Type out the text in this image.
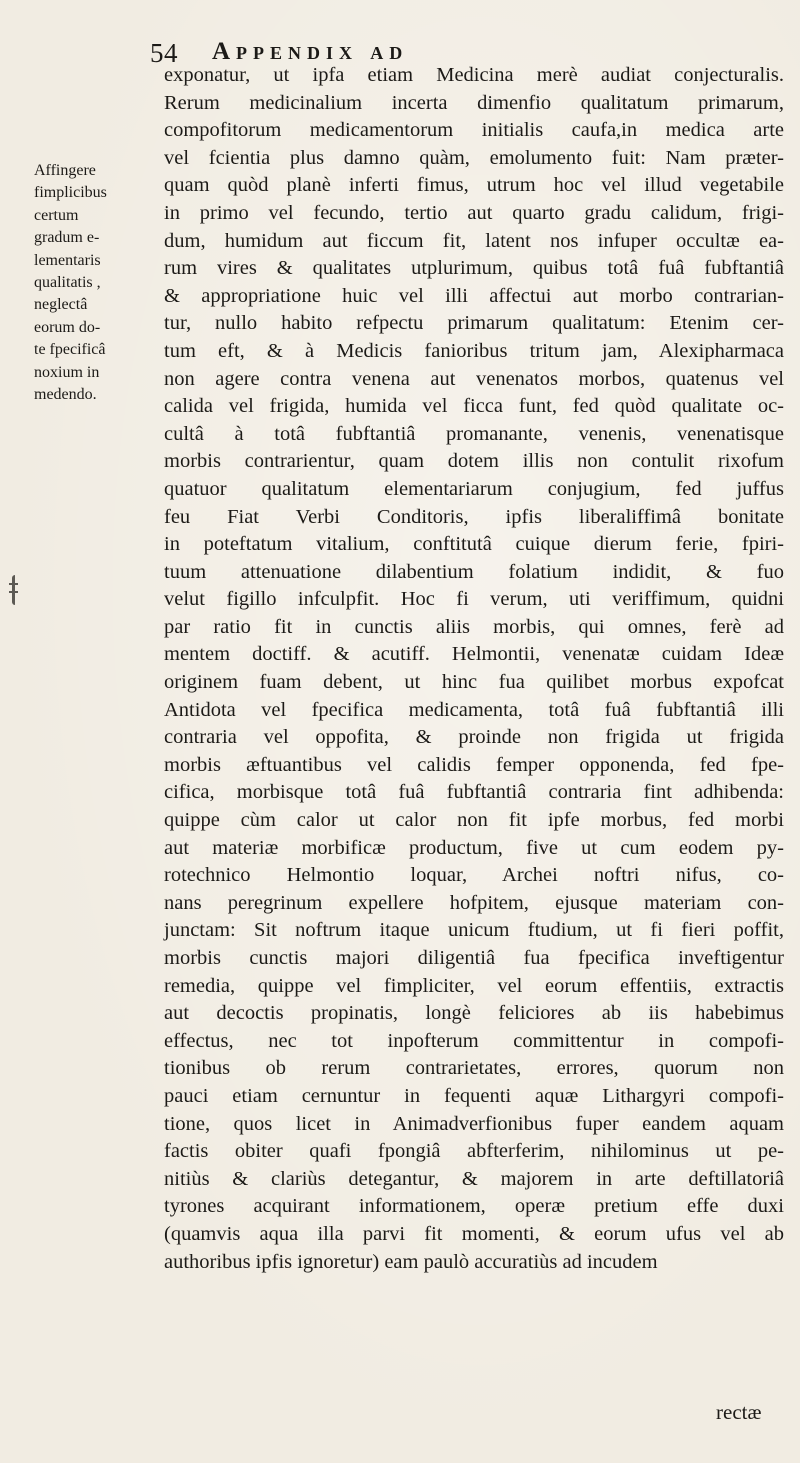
54 Appendix ad
Affingere
fimplicibus
certum
gradum e-
lementaris
qualitatis ,
neglеctâ
eorum do-
te fpecificâ
noxium in
medendo.
exponatur, ut ipfa etiam Medicina merè audiat conjecturalis.
Rerum medicinalium incerta dimenfio qualitatum primarum,
compofitorum medicamentorum initialis caufa,in medica arte
vel fcientia plus damno quàm, emolumento fuit: Nam præter-
quam quòd planè inferti fimus, utrum hoc vel illud vegetabile
in primo vel fecundo, tertio aut quarto gradu calidum, frigi-
dum, humidum aut ficcum fit, latent nos infuper occultæ ea-
rum vires & qualitates utplurimum, quibus totâ fuâ fubftantiâ
& appropriatione huic vel illi affectui aut morbo contrarian-
tur, nullo habito refpectu primarum qualitatum: Etenim cer-
tum eft, & à Medicis fanioribus tritum jam, Alexipharmaca
non agere contra venena aut venenatos morbos, quatenus vel
calida vel frigida, humida vel ficca funt, fed quòd qualitate oc-
cultâ à totâ fubftantiâ promanante, venenis, venenatisque
morbis contrarientur, quam dotem illis non contulit rixofum
quatuor qualitatum elementariarum conjugium, fed juffus
feu Fiat Verbi Conditoris, ipfis liberaliffimâ bonitate
in poteftatum vitalium, conftitutâ cuique dierum ferie, fpiri-
tuum attenuatione dilabentium folatium indidit, & fuo
velut figillo infculpfit. Hoc fi verum, uti veriffimum, quidni
par ratio fit in cunctis aliis morbis, qui omnes, ferè ad
mentem doctiff. & acutiff. Helmontii, venenatæ cuidam Ideæ
originem fuam debent, ut hinc fua quilibet morbus expofcat
Antidota vel fpecifica medicamenta, totâ fuâ fubftantiâ illi
contraria vel oppofita, & proinde non frigida ut frigida
morbis æftuantibus vel calidis femper opponenda, fed fpe-
cifica, morbisque totâ fuâ fubftantiâ contraria fint adhibenda:
quippe cùm calor ut calor non fit ipfe morbus, fed morbi
aut materiæ morbificæ productum, five ut cum eodem py-
rotechnico Helmontio loquar, Archei noftri nifus, co-
nans peregrinum expellere hofpitem, ejusque materiam con-
junctam: Sit noftrum itaque unicum ftudium, ut fi fieri poffit,
morbis cunctis majori diligentiâ fua fpecifica inveftigentur
remedia, quippe vel fimpliciter, vel eorum effentiis, extractis
aut decoctis propinatis, longè feliciores ab iis habebimus
effectus, nec tot inpofterum committentur in compofi-
tionibus ob rerum contrarietates, errores, quorum non
pauci etiam cernuntur in fequenti aquæ Lithargyri compofi-
tione, quos licet in Animadverfionibus fuper eandem aquam
factis obiter quafi fpongiâ abfterferim, nihilominus ut pe-
nitiùs & clariùs detegantur, & majorem in arte deftillatoriâ
tyrones acquirant informationem, operæ pretium effe duxi
(quamvis aqua illa parvi fit momenti, & eorum ufus vel ab
authoribus ipfis ignoretur) eam paulò accuratiùs ad incudem
rectæ
